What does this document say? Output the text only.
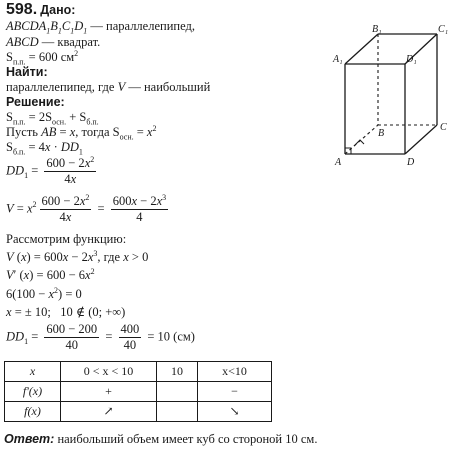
598. Дано:
$ABCDA_1B_1C_1D_1$ — параллелепипед,
ABCD — квадрат.
$S_{п.п.} = 600$ $см^2$
Найти:
параллелепипед, где V — наибольший
Решение:
$S_{п.п.} = 2S_{осн.} + S_{б.п.}$
Пусть AB = x, тогда $S_{осн.} = x^2$
$S_{б.п.} = 4x \cdot DD_1$
$DD_1 = \frac{600 - 2x^2}{4x}$
$V = x^2 \frac{600 - 2x^2}{4x} = \frac{600x - 2x^3}{4}$
Рассмотрим функцию:
V $(x) = 600x - 2x^3$, где x > 0
V′ $(x) = 600 - 6x^2$
$6(100 - x^2) = 0$
x = ± 10;   10 ∉ (0; +∞)
$DD_1 = \frac{600 - 200}{40} = \frac{400}{40} = 10$ (см)
x	0 < x < 10	10	x<10
f'(x)	+		−
f(x)	↗		↘
Ответ: наибольший объем имеет куб со стороной 10 см.
B₁	C₁
A₁	D₁
B
C
A	D
